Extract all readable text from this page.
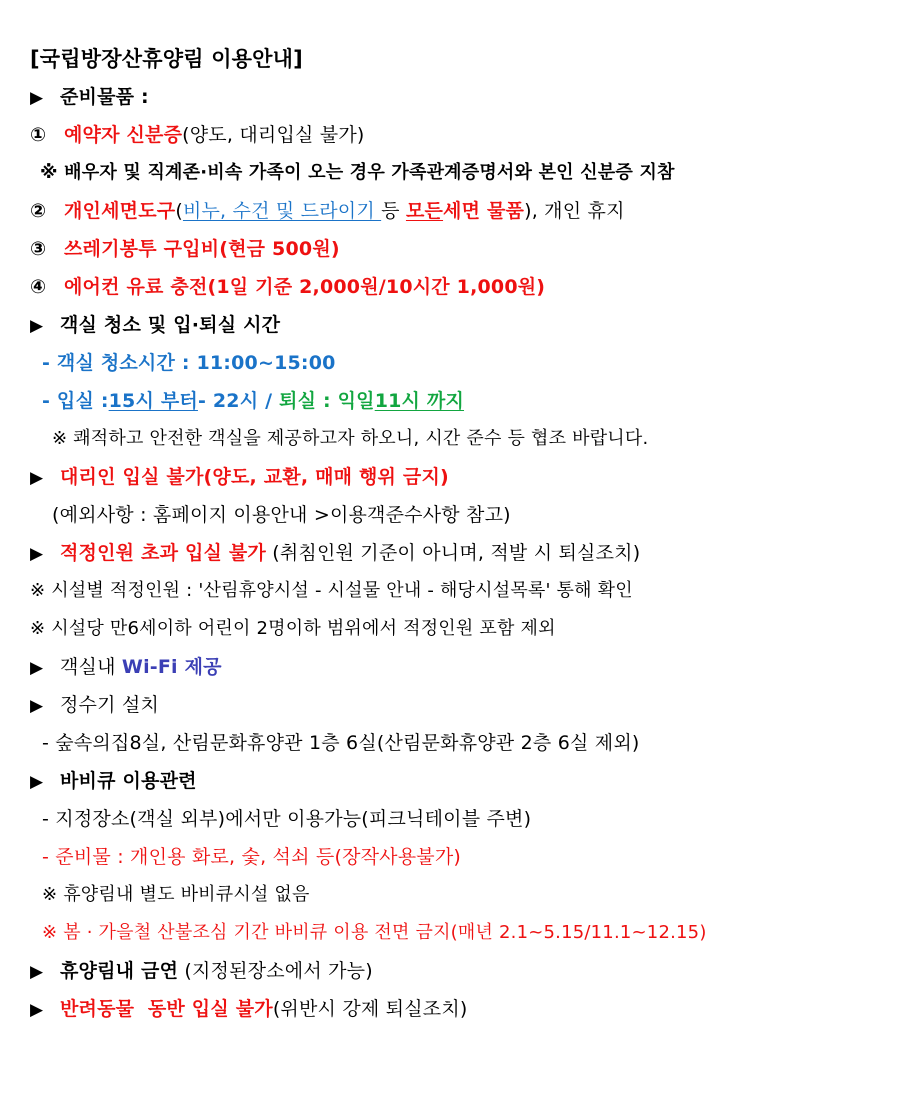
[국립방장산휴양림 이용안내]
▶ 준비물품 :
① 예약자 신분증(양도, 대리입실 불가)
※ 배우자 및 직계존·비속 가족이 오는 경우 가족관계증명서와 본인 신분증 지참
② 개인세면도구(비누, 수건 및 드라이기 등 모든세면 물품), 개인 휴지
③ 쓰레기봉투 구입비(현금 500원)
④ 에어컨 유료 충전(1일 기준 2,000원/10시간 1,000원)
▶ 객실 청소 및 입·퇴실 시간
- 객실 청소시간 : 11:00~15:00
- 입실 :15시 부터- 22시 / 퇴실 : 익일11시 까지
※ 쾌적하고 안전한 객실을 제공하고자 하오니, 시간 준수 등 협조 바랍니다.
▶ 대리인 입실 불가(양도, 교환, 매매 행위 금지)
(예외사항 : 홈페이지 이용안내 >이용객준수사항 참고)
▶ 적정인원 초과 입실 불가 (취침인원 기준이 아니며, 적발 시 퇴실조치)
※ 시설별 적정인원 : '산림휴양시설 - 시설물 안내 - 해당시설목록' 통해 확인
※ 시설당 만6세이하 어린이 2명이하 범위에서 적정인원 포함 제외
▶ 객실내 Wi-Fi 제공
▶ 정수기 설치
- 숲속의집8실, 산림문화휴양관 1층 6실(산림문화휴양관 2층 6실 제외)
▶ 바비큐 이용관련
- 지정장소(객실 외부)에서만 이용가능(피크닉테이블 주변)
- 준비물 : 개인용 화로, 숯, 석쇠 등(장작사용불가)
※ 휴양림내 별도 바비큐시설 없음
※ 봄 · 가을철 산불조심 기간 바비큐 이용 전면 금지(매년 2.1~5.15/11.1~12.15)
▶ 휴양림내 금연 (지정된장소에서 가능)
▶ 반려동물  동반 입실 불가(위반시 강제 퇴실조치)
